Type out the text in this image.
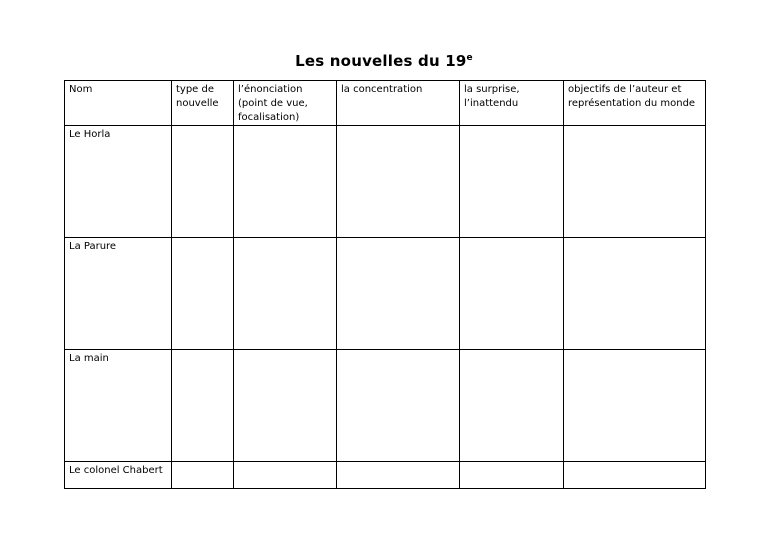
Les nouvelles du 19e
Nom	type de nouvelle	l’énonciation (point de vue, focalisation)	la concentration	la surprise, l’inattendu	objectifs de l’auteur et représentation du monde
Le Horla					
La Parure					
La main					
Le colonel Chabert					
